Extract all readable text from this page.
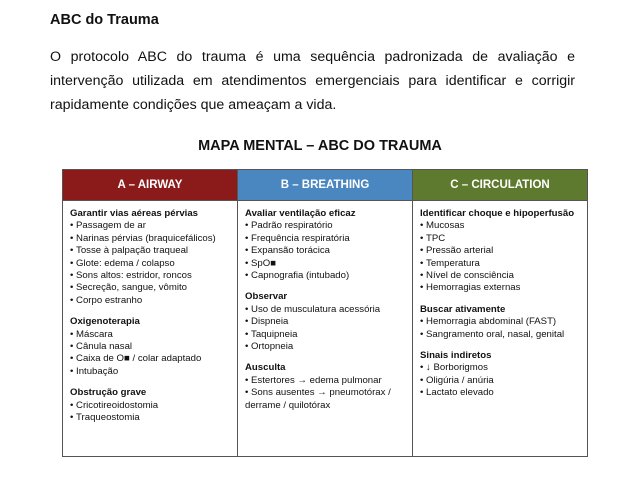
ABC do Trauma
O protocolo ABC do trauma é uma sequência padronizada de avaliação e intervenção utilizada em atendimentos emergenciais para identificar e corrigir rapidamente condições que ameaçam a vida.
MAPA MENTAL – ABC DO TRAUMA
A – AIRWAY
Garantir vias aéreas pérvias
• Passagem de ar
• Narinas pérvias (braquicefálicos)
• Tosse à palpação traqueal
• Glote: edema / colapso
• Sons altos: estridor, roncos
• Secreção, sangue, vômito
• Corpo estranho
Oxigenoterapia
• Máscara
• Cânula nasal
• Caixa de O■ / colar adaptado
• Intubação
Obstrução grave
• Cricotireoidostomia
• Traqueostomia
B – BREATHING
Avaliar ventilação eficaz
• Padrão respiratório
• Frequência respiratória
• Expansão torácica
• SpO■
• Capnografia (intubado)
Observar
• Uso de musculatura acessória
• Dispneia
• Taquipneia
• Ortopneia
Ausculta
• Estertores → edema pulmonar
• Sons ausentes → pneumotórax / derrame / quilotórax
C – CIRCULATION
Identificar choque e hipoperfusão
• Mucosas
• TPC
• Pressão arterial
• Temperatura
• Nível de consciência
• Hemorragias externas
Buscar ativamente
• Hemorragia abdominal (FAST)
• Sangramento oral, nasal, genital
Sinais indiretos
• ↓ Borborigmos
• Oligúria / anúria
• Lactato elevado
